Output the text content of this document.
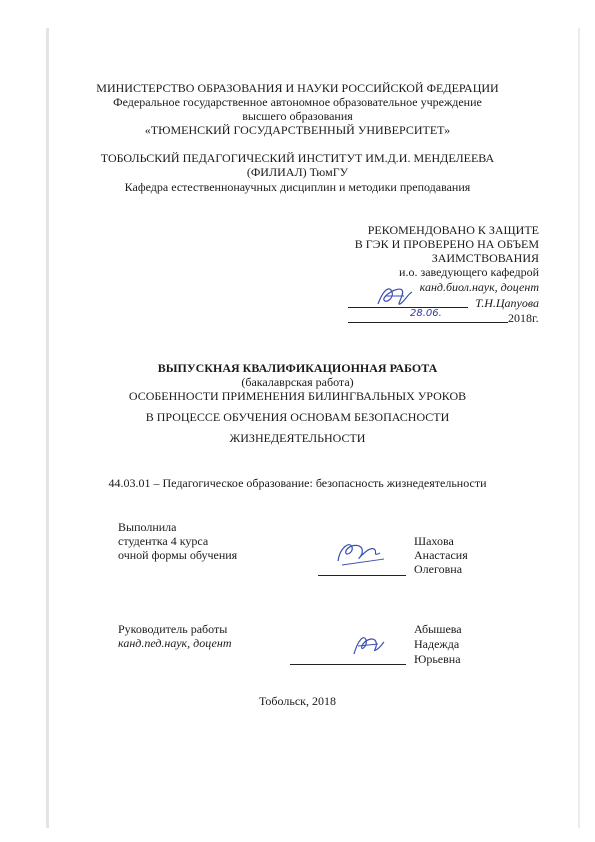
МИНИСТЕРСТВО ОБРАЗОВАНИЯ И НАУКИ РОССИЙСКОЙ ФЕДЕРАЦИИ
Федеральное государственное автономное образовательное учреждение
высшего образования
«ТЮМЕНСКИЙ ГОСУДАРСТВЕННЫЙ УНИВЕРСИТЕТ»
ТОБОЛЬСКИЙ ПЕДАГОГИЧЕСКИЙ ИНСТИТУТ ИМ.Д.И. МЕНДЕЛЕЕВА
(ФИЛИАЛ) ТюмГУ
Кафедра естественнонаучных дисциплин и методики преподавания
РЕКОМЕНДОВАНО К ЗАЩИТЕ
В ГЭК И ПРОВЕРЕНО НА ОБЪЕМ
ЗАИМСТВОВАНИЯ
и.о. заведующего кафедрой
канд.биол.наук, доцент
Т.Н.Цапуова
28.06.	2018г.
ВЫПУСКНАЯ КВАЛИФИКАЦИОННАЯ РАБОТА
(бакалаврская работа)
ОСОБЕННОСТИ ПРИМЕНЕНИЯ БИЛИНГВАЛЬНЫХ УРОКОВ
В ПРОЦЕССЕ ОБУЧЕНИЯ ОСНОВАМ БЕЗОПАСНОСТИ
ЖИЗНЕДЕЯТЕЛЬНОСТИ
44.03.01 – Педагогическое образование: безопасность жизнедеятельности
Выполнила
студентка 4 курса
очной формы обучения
Шахова
Анастасия
Олеговна
Руководитель работы
канд.пед.наук, доцент
Абышева
Надежда
Юрьевна
Тобольск, 2018
